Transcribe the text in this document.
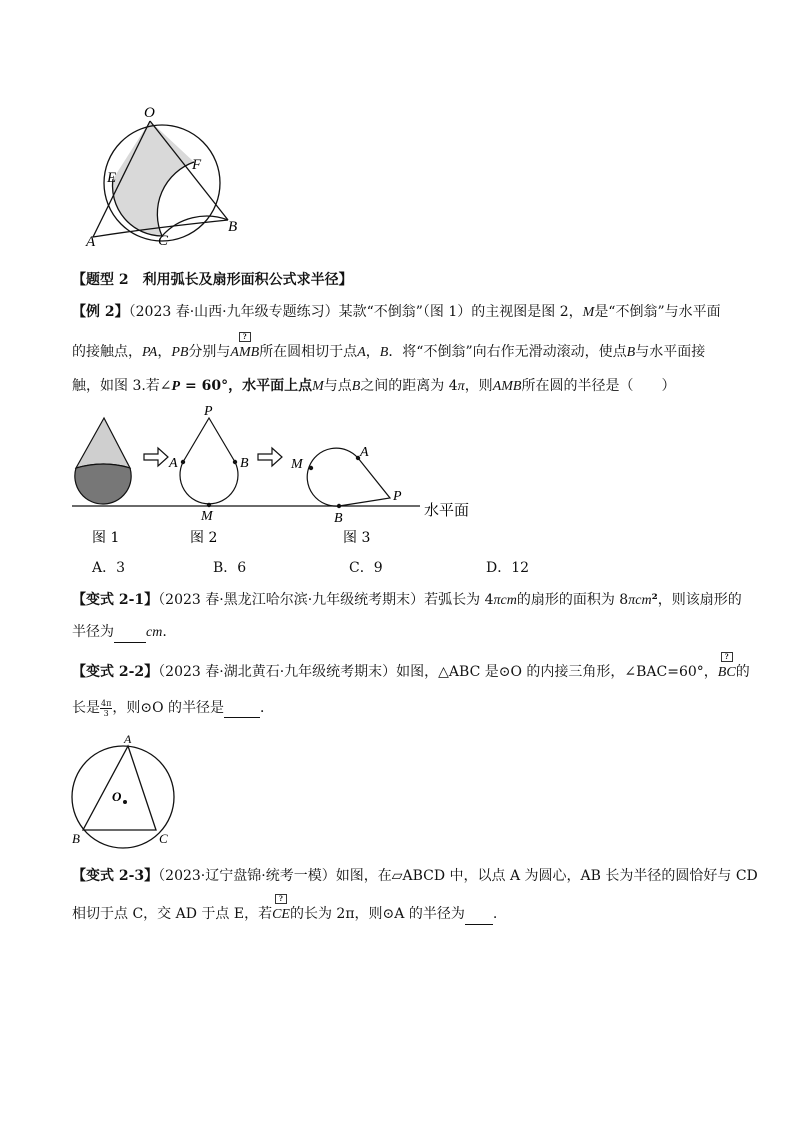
O
E
F
A	C
B
【题型 2　利用弧长及扇形面积公式求半径】
【例 2】（2023 春·山西·九年级专题练习）某款“不倒翁”（图 1）的主视图是图 2，M是“不倒翁”与水平面
的接触点，PA，PB分别与? AMB所在圆相切于点A，B．将“不倒翁”向右作无滑动滚动，使点B与水平面接
触，如图 3.若∠P = 60°，水平面上点M与点B之间的距离为 4π，则AMB所在圆的半径是（　　）
P
A	B
M
M
A
P
B	水平面
图 1	图 2	图 3
A．3	B．6	C．9	D．12
【变式 2-1】（2023 春·黑龙江哈尔滨·九年级统考期末）若弧长为 4πcm的扇形的面积为 8πcm²，则该扇形的
半径为 cm.
【变式 2-2】（2023 春·湖北黄石·九年级统考期末）如图，△ABC 是⊙O 的内接三角形，∠BAC=60°，? BC的
长是 $\frac{4\pi}{3}$ ，则⊙O 的半径是	．
A
O
B	C
【变式 2-3】（2023·辽宁盘锦·统考一模）如图，在▱ABCD 中，以点 A 为圆心，AB 长为半径的圆恰好与 CD
相切于点 C，交 AD 于点 E，若? CE的长为 2π，则⊙A 的半径为 .
